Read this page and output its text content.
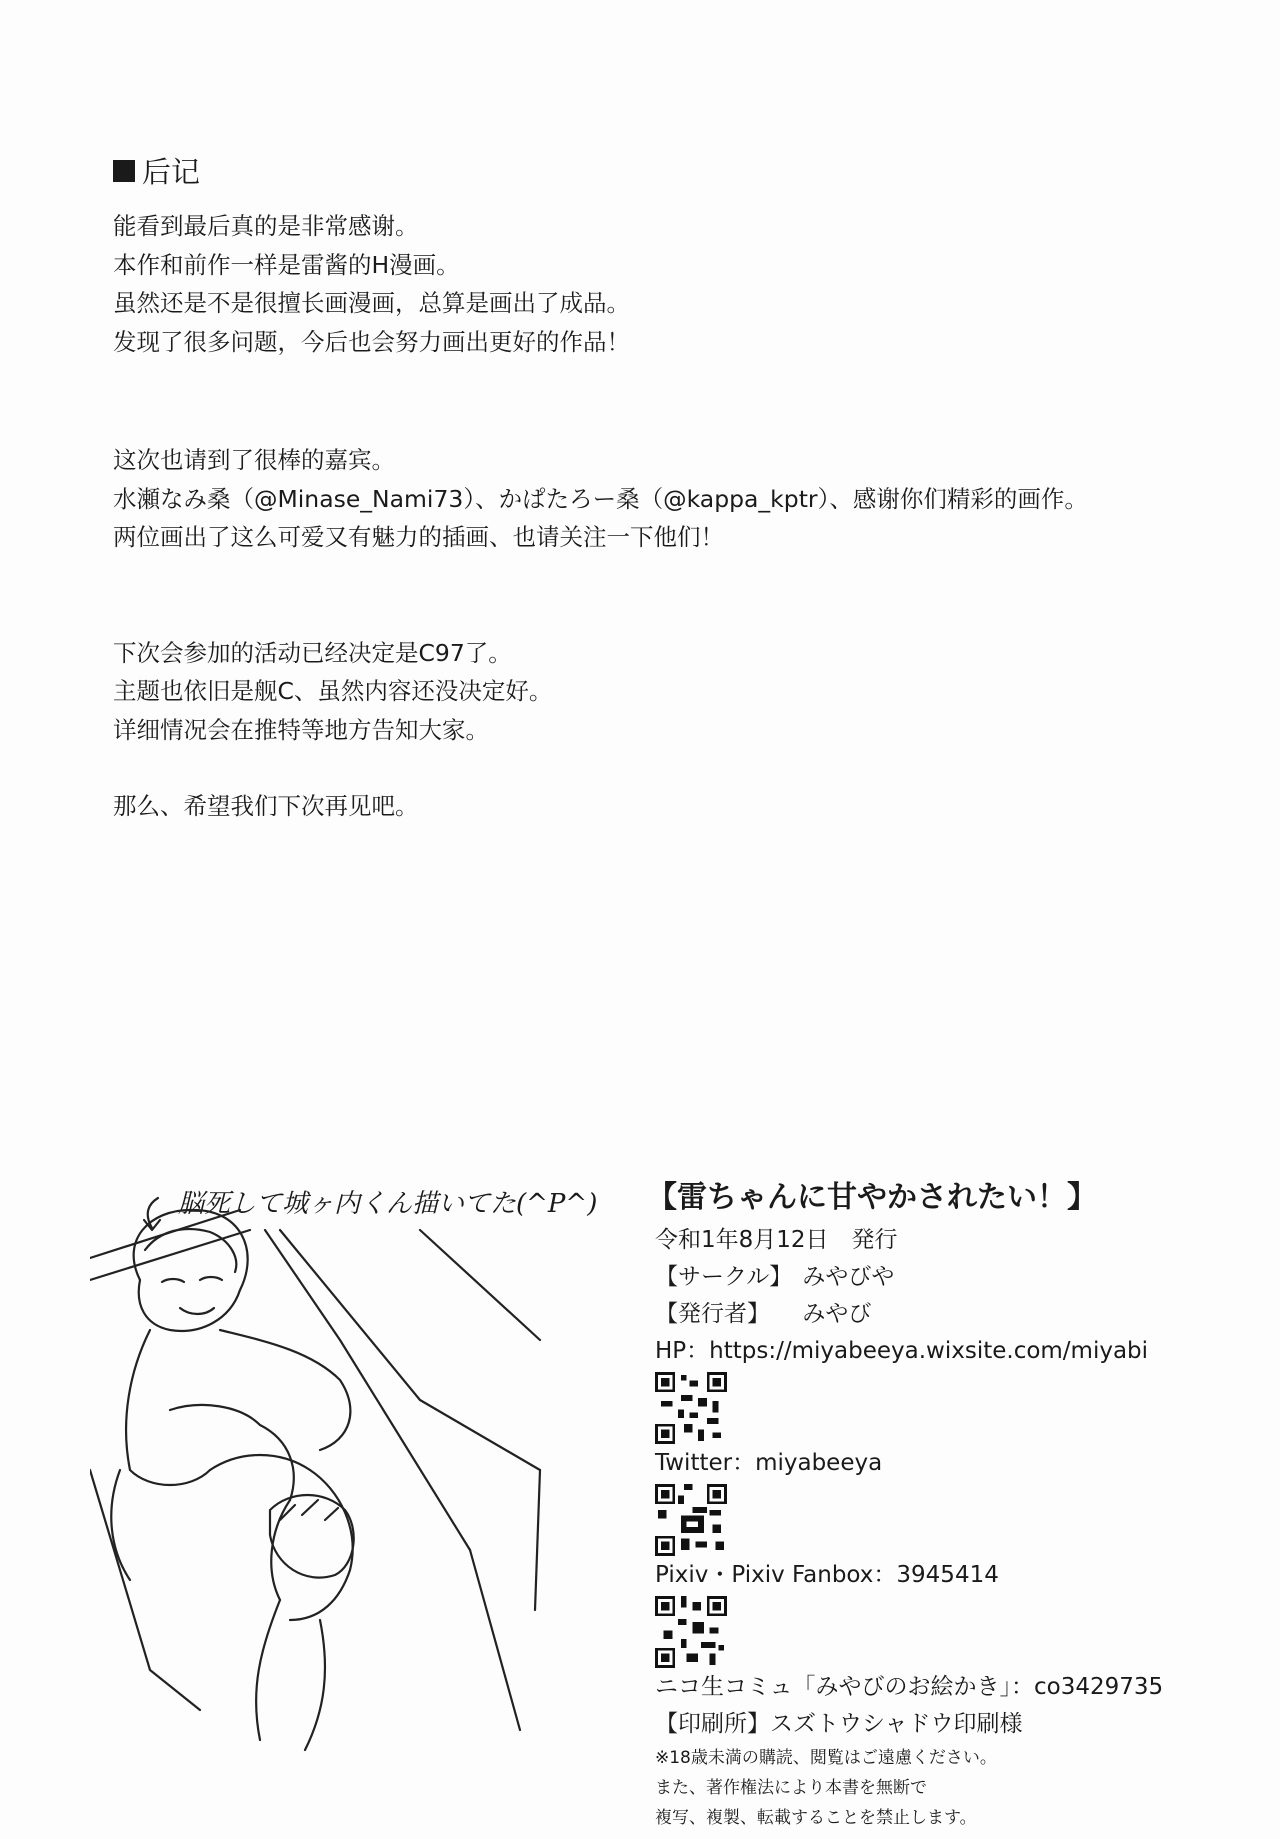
后记
能看到最后真的是非常感谢。
本作和前作一样是雷酱的H漫画。
虽然还是不是很擅长画漫画，总算是画出了成品。
发现了很多问题，今后也会努力画出更好的作品！
这次也请到了很棒的嘉宾。
水瀬なみ桑（@Minase_Nami73）、かぱたろー桑（@kappa_kptr）、感谢你们精彩的画作。
两位画出了这么可爱又有魅力的插画、也请关注一下他们！
下次会参加的活动已经决定是C97了。
主题也依旧是舰C、虽然内容还没决定好。
详细情况会在推特等地方告知大家。
那么、希望我们下次再见吧。
脳死して城ヶ内くん描いてた(^P^) 【雷ちゃんに甘やかされたい！】
令和1年8月12日　発行
【サークル】 みやびや
【発行者】 みやび
HP：https://miyabeeya.wixsite.com/miyabi
Twitter：miyabeeya
Pixiv・Pixiv Fanbox：3945414
ニコ生コミュ「みやびのお絵かき」：co3429735
【印刷所】スズトウシャドウ印刷様
※18歳未満の購読、閲覧はご遠慮ください。
また、著作権法により本書を無断で
複写、複製、転載することを禁止します。
